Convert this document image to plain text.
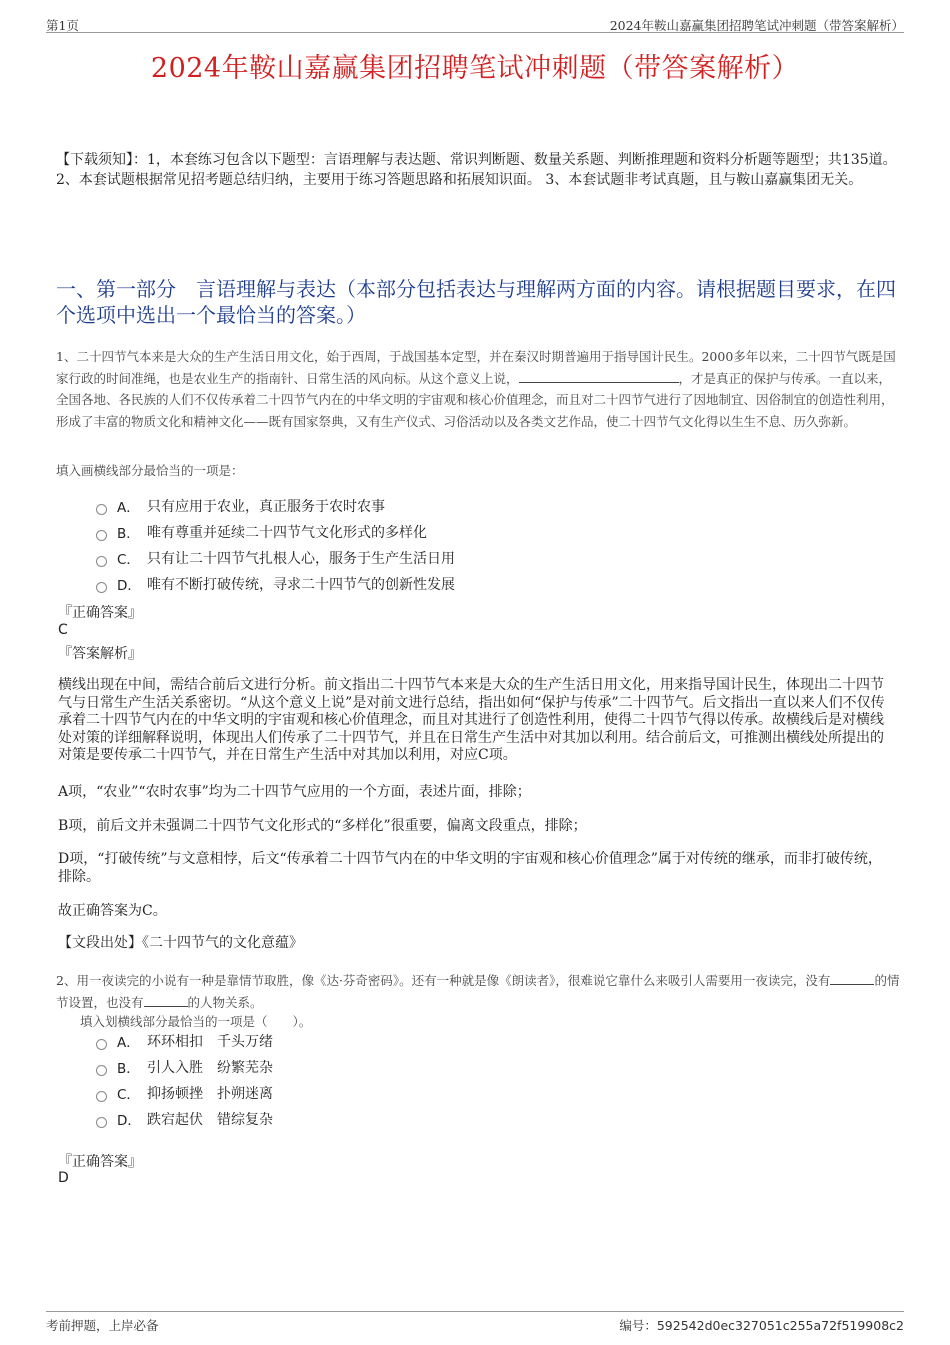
第1页	2024年鞍山嘉赢集团招聘笔试冲刺题（带答案解析）
2024年鞍山嘉赢集团招聘笔试冲刺题（带答案解析）
【下载须知】：1，本套练习包含以下题型：言语理解与表达题、常识判断题、数量关系题、判断推理题和资料分析题等题型；共135道。 2、本套试题根据常见招考题总结归纳，主要用于练习答题思路和拓展知识面。 3、本套试题非考试真题，且与鞍山嘉赢集团无关。
一、第一部分　言语理解与表达（本部分包括表达与理解两方面的内容。请根据题目要求，在四个选项中选出一个最恰当的答案。）
1、二十四节气本来是大众的生产生活日用文化，始于西周，于战国基本定型，并在秦汉时期普遍用于指导国计民生。2000多年以来，二十四节气既是国家行政的时间准绳，也是农业生产的指南针、日常生活的风向标。从这个意义上说，	，才是真正的保护与传承。一直以来，全国各地、各民族的人们不仅传承着二十四节气内在的中华文明的宇宙观和核心价值理念，而且对二十四节气进行了因地制宜、因俗制宜的创造性利用，形成了丰富的物质文化和精神文化——既有国家祭典，又有生产仪式、习俗活动以及各类文艺作品，使二十四节气文化得以生生不息、历久弥新。
填入画横线部分最恰当的一项是：
A． 只有应用于农业，真正服务于农时农事
B． 唯有尊重并延续二十四节气文化形式的多样化
C． 只有让二十四节气扎根人心，服务于生产生活日用
D． 唯有不断打破传统，寻求二十四节气的创新性发展
『正确答案』
C
『答案解析』
横线出现在中间，需结合前后文进行分析。前文指出二十四节气本来是大众的生产生活日用文化，用来指导国计民生，体现出二十四节气与日常生产生活关系密切。“从这个意义上说”是对前文进行总结，指出如何“保护与传承”二十四节气。后文指出一直以来人们不仅传承着二十四节气内在的中华文明的宇宙观和核心价值理念，而且对其进行了创造性利用，使得二十四节气得以传承。故横线后是对横线处对策的详细解释说明，体现出人们传承了二十四节气，并且在日常生产生活中对其加以利用。结合前后文，可推测出横线处所提出的对策是要传承二十四节气，并在日常生产生活中对其加以利用，对应C项。
A项，“农业”“农时农事”均为二十四节气应用的一个方面，表述片面，排除；
B项，前后文并未强调二十四节气文化形式的“多样化”很重要，偏离文段重点，排除；
D项，“打破传统”与文意相悖，后文“传承着二十四节气内在的中华文明的宇宙观和核心价值理念”属于对传统的继承，而非打破传统，排除。
故正确答案为C。
【文段出处】《二十四节气的文化意蕴》
2、用一夜读完的小说有一种是靠情节取胜，像《达·芬奇密码》。还有一种就是像《朗读者》，很难说它靠什么来吸引人需要用一夜读完，没有	的情节设置，也没有	的人物关系。
填入划横线部分最恰当的一项是（　　）。
A． 环环相扣　千头万绪
B． 引人入胜　纷繁芜杂
C． 抑扬顿挫　扑朔迷离
D． 跌宕起伏　错综复杂
『正确答案』
D
考前押题，上岸必备	编号：592542d0ec327051c255a72f519908c2
